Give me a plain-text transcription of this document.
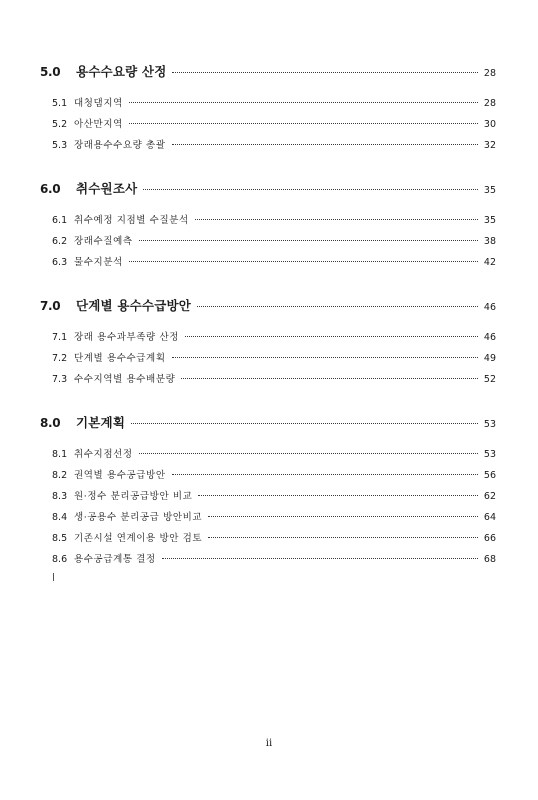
5.0	용수수요량 산정	28
5.1 대청댐지역	28
5.2 아산만지역	30
5.3 장래용수수요량 총괄	32
6.0	취수원조사	35
6.1 취수예정 지점별 수질분석	35
6.2 장래수질예측	38
6.3 물수지분석	42
7.0	단계별 용수수급방안	46
7.1 장래 용수과부족량 산정	46
7.2 단계별 용수수급계획	49
7.3 수수지역별 용수배분량	52
8.0	기본계획	53
8.1 취수지점선정	53
8.2 권역별 용수공급방안	56
8.3 원·정수 분리공급방안 비교	62
8.4 생·공용수 분리공급 방안비교	64
8.5 기존시설 연계이용 방안 검토	66
8.6 용수공급계통 결정	68
ii
